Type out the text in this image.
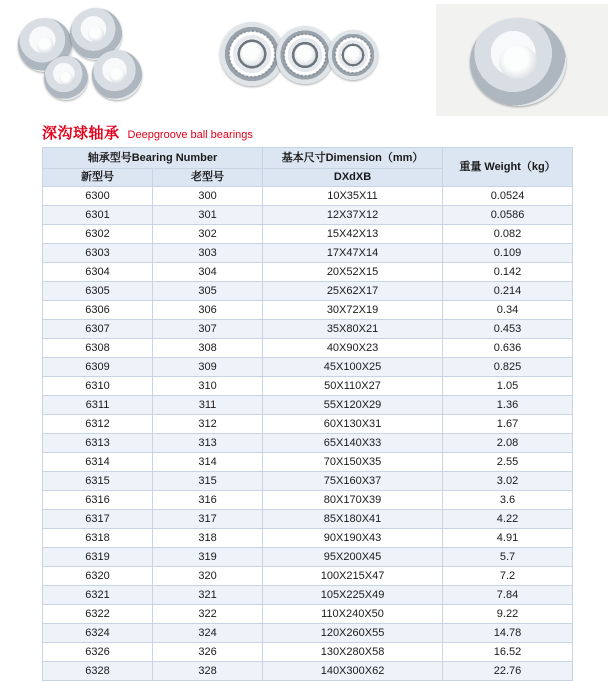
深沟球轴承 Deepgroove ball bearings
轴承型号Bearing Number		基本尺寸Dimension（mm）	重量 Weight（kg）
新型号	老型号	DXdXB	
6300	300	10X35X11	0.0524
6301	301	12X37X12	0.0586
6302	302	15X42X13	0.082
6303	303	17X47X14	0.109
6304	304	20X52X15	0.142
6305	305	25X62X17	0.214
6306	306	30X72X19	0.34
6307	307	35X80X21	0.453
6308	308	40X90X23	0.636
6309	309	45X100X25	0.825
6310	310	50X110X27	1.05
6311	311	55X120X29	1.36
6312	312	60X130X31	1.67
6313	313	65X140X33	2.08
6314	314	70X150X35	2.55
6315	315	75X160X37	3.02
6316	316	80X170X39	3.6
6317	317	85X180X41	4.22
6318	318	90X190X43	4.91
6319	319	95X200X45	5.7
6320	320	100X215X47	7.2
6321	321	105X225X49	7.84
6322	322	110X240X50	9.22
6324	324	120X260X55	14.78
6326	326	130X280X58	16.52
6328	328	140X300X62	22.76
